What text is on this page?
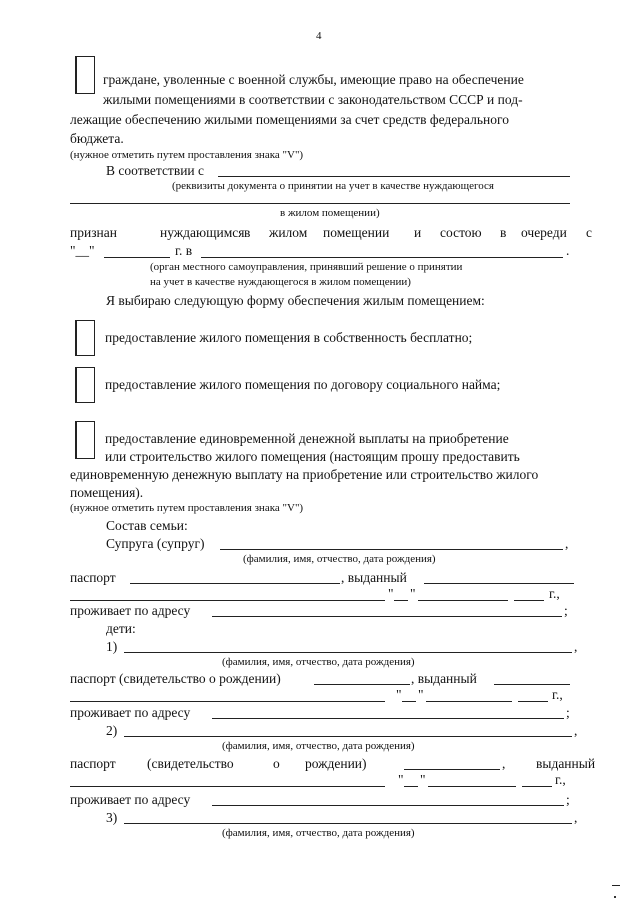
4
граждане, уволенные с военной службы, имеющие право на обеспечение
жилыми помещениями в соответствии с законодательством СССР и под-
лежащие обеспечению жилыми помещениями за счет средств федерального
бюджета.
(нужное отметить путем проставления знака "V")
В соответствии с
(реквизиты документа о принятии на учет в качестве нуждающегося
в жилом помещении)
признан	нуждающимся в жилом помещении и состою в очереди с
"__"	г. в	.
(орган местного самоуправления, принявший решение о принятии
на учет в качестве нуждающегося в жилом помещении)
Я выбираю следующую форму обеспечения жилым помещением:
предоставление жилого помещения в собственность бесплатно;
предоставление жилого помещения по договору социального найма;
предоставление единовременной денежной выплаты на приобретение
или строительство жилого помещения (настоящим прошу предоставить
единовременную денежную выплату на приобретение или строительство жилого
помещения).
(нужное отметить путем проставления знака "V")
Состав семьи:
Супруга (супруг)	,
(фамилия, имя, отчество, дата рождения)
паспорт	, выданный
" "	г.,
проживает по адресу	;
дети:
1)	,
(фамилия, имя, отчество, дата рождения)
паспорт (свидетельство о рождении)	, выданный
" "	г.,
проживает по адресу	;
2)	,
(фамилия, имя, отчество, дата рождения)
паспорт (свидетельство	о рождении)	, выданный
" "	г.,
проживает по адресу	;
3)	,
(фамилия, имя, отчество, дата рождения)
